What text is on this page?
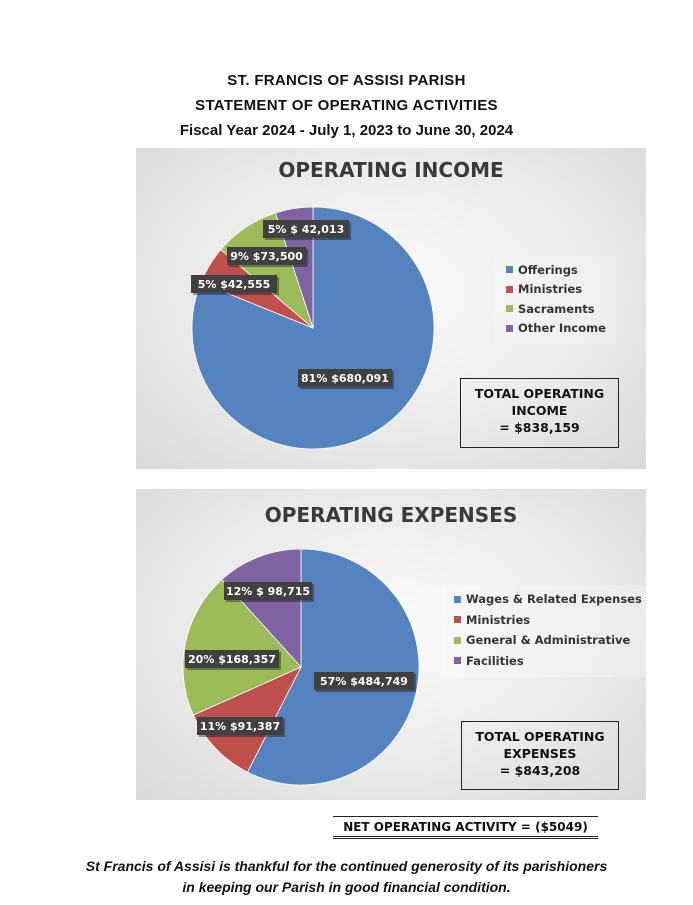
ST. FRANCIS OF ASSISI PARISH
STATEMENT OF OPERATING ACTIVITIES
Fiscal Year 2024 - July 1, 2023 to June 30, 2024
OPERATING INCOME
81% $680,091
5% $42,555
9% $73,500
5% $ 42,013
Offerings
Ministries
Sacraments
Other Income
TOTAL OPERATING
INCOME
= $838,159
OPERATING EXPENSES
57% $484,749
11% $91,387
20% $168,357
12% $ 98,715
Wages & Related Expenses
Ministries
General & Administrative
Facilities
TOTAL OPERATING
EXPENSES
= $843,208
NET OPERATING ACTIVITY = ($5049)
St Francis of Assisi is thankful for the continued generosity of its parishioners
in keeping our Parish in good financial condition.
